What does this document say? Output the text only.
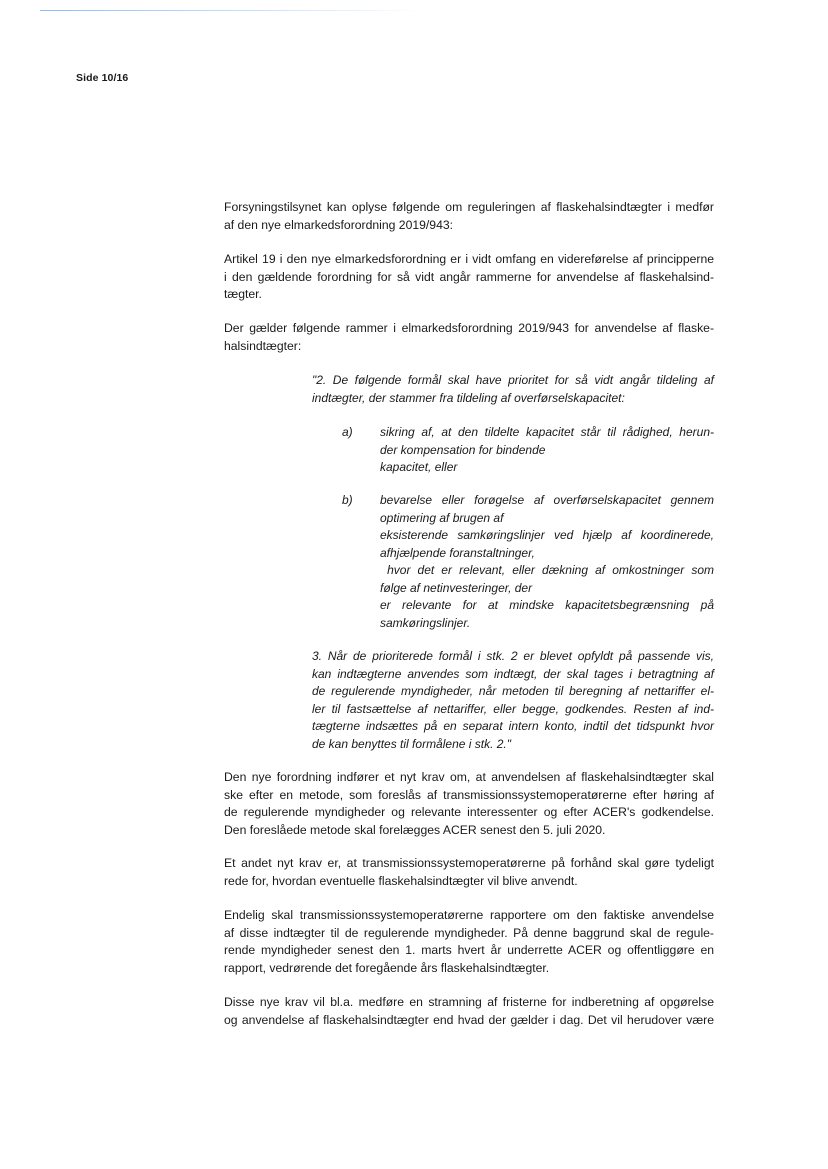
Side 10/16
Forsyningstilsynet kan oplyse følgende om reguleringen af flaskehalsindtægter i medfør
af den nye elmarkedsforordning 2019/943:
Artikel 19 i den nye elmarkedsforordning er i vidt omfang en videreførelse af principperne
i den gældende forordning for så vidt angår rammerne for anvendelse af flaskehalsind-
tægter.
Der gælder følgende rammer i elmarkedsforordning 2019/943 for anvendelse af flaske-
halsindtægter:
"2. De følgende formål skal have prioritet for så vidt angår tildeling af
indtægter, der stammer fra tildeling af overførselskapacitet:
a) sikring af, at den tildelte kapacitet står til rådighed, herun-
der kompensation for bindende
kapacitet, eller
b) bevarelse eller forøgelse af overførselskapacitet gennem
optimering af brugen af
eksisterende samkøringslinjer ved hjælp af koordinerede,
afhjælpende foranstaltninger,
hvor det er relevant, eller dækning af omkostninger som
følge af netinvesteringer, der
er relevante for at mindske kapacitetsbegrænsning på
samkøringslinjer.
3. Når de prioriterede formål i stk. 2 er blevet opfyldt på passende vis,
kan indtægterne anvendes som indtægt, der skal tages i betragtning af
de regulerende myndigheder, når metoden til beregning af nettariffer el-
ler til fastsættelse af nettariffer, eller begge, godkendes. Resten af ind-
tægterne indsættes på en separat intern konto, indtil det tidspunkt hvor
de kan benyttes til formålene i stk. 2."
Den nye forordning indfører et nyt krav om, at anvendelsen af flaskehalsindtægter skal
ske efter en metode, som foreslås af transmissionssystemoperatørerne efter høring af
de regulerende myndigheder og relevante interessenter og efter ACER's godkendelse.
Den foreslåede metode skal forelægges ACER senest den 5. juli 2020.
Et andet nyt krav er, at transmissionssystemoperatørerne på forhånd skal gøre tydeligt
rede for, hvordan eventuelle flaskehalsindtægter vil blive anvendt.
Endelig skal transmissionssystemoperatørerne rapportere om den faktiske anvendelse
af disse indtægter til de regulerende myndigheder. På denne baggrund skal de regule-
rende myndigheder senest den 1. marts hvert år underrette ACER og offentliggøre en
rapport, vedrørende det foregående års flaskehalsindtægter.
Disse nye krav vil bl.a. medføre en stramning af fristerne for indberetning af opgørelse
og anvendelse af flaskehalsindtægter end hvad der gælder i dag. Det vil herudover være
